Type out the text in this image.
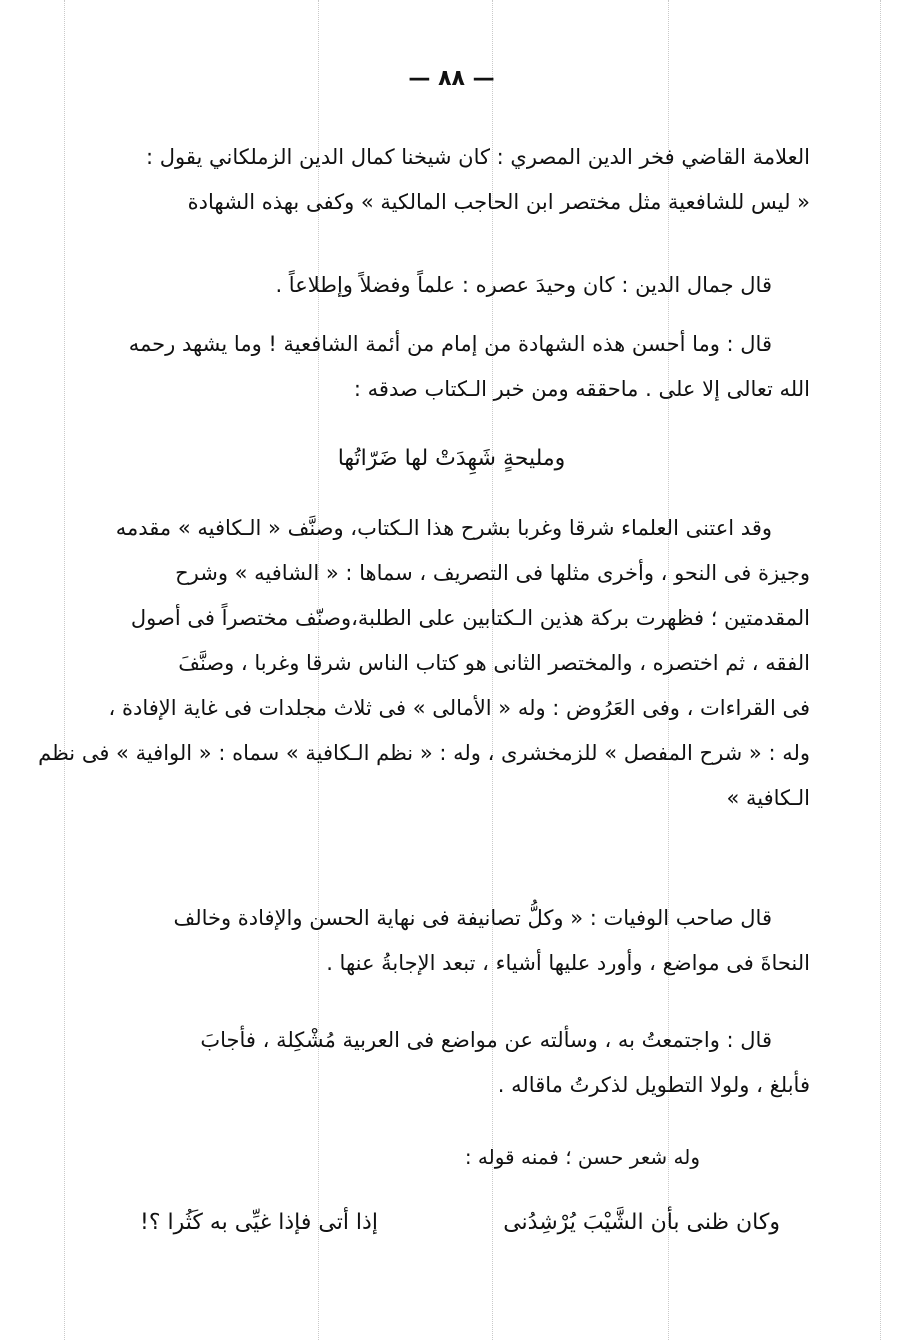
— ٨٨ —
العلامة القاضي فخر الدين المصري : كان شيخنا كمال الدين الزملكاني يقول :
« ليس للشافعية مثل مختصر ابن الحاجب المالكية » وكفى بهذه الشهادة
قال جمال الدين : كان وحيدَ عصره : علماً وفضلاً وإطلاعاً .
قال : وما أحسن هذه الشهادة من إمام من أئمة الشافعية ! وما يشهد رحمه
الله تعالى إلا على . ماحققه ومن خبر الـكتاب صدقه :
ومليحةٍ شَهِدَتْ لها ضَرّاتُها
وقد اعتنى العلماء شرقا وغربا بشرح هذا الـكتاب، وصنَّف « الـكافيه » مقدمه
وجيزة فى النحو ، وأخرى مثلها فى التصريف ، سماها : « الشافيه » وشرح
المقدمتين ؛ فظهرت بركة هذين الـكتابين على الطلبة،وصنّف مختصراً فى أصول
الفقه ، ثم اختصره ، والمختصر الثانى هو كتاب الناس شرقا وغربا ، وصنَّفَ
فى القراءات ، وفى العَرُوض : وله « الأمالى » فى ثلاث مجلدات فى غاية الإفادة ،
وله : « شرح المفصل » للزمخشرى ، وله : « نظم الـكافية » سماه : « الوافية » فى نظم
الـكافية »
قال صاحب الوفيات : « وكلُّ تصانيفة فى نهاية الحسن والإفادة وخالف
النحاةَ فى مواضع ، وأورد عليها أشياء ، تبعد الإجابةُ عنها .
قال : واجتمعتُ به ، وسألته عن مواضع فى العربية مُشْكِلة ، فأجابَ
فأبلغ ، ولولا التطويل لذكرتُ ماقاله .
وله شعر حسن ؛ فمنه قوله :
وكان ظنى بأن الشَّيْبَ يُرْشِدُنى
إذا أتى فإذا غيِّى به كَثُرا ؟!
